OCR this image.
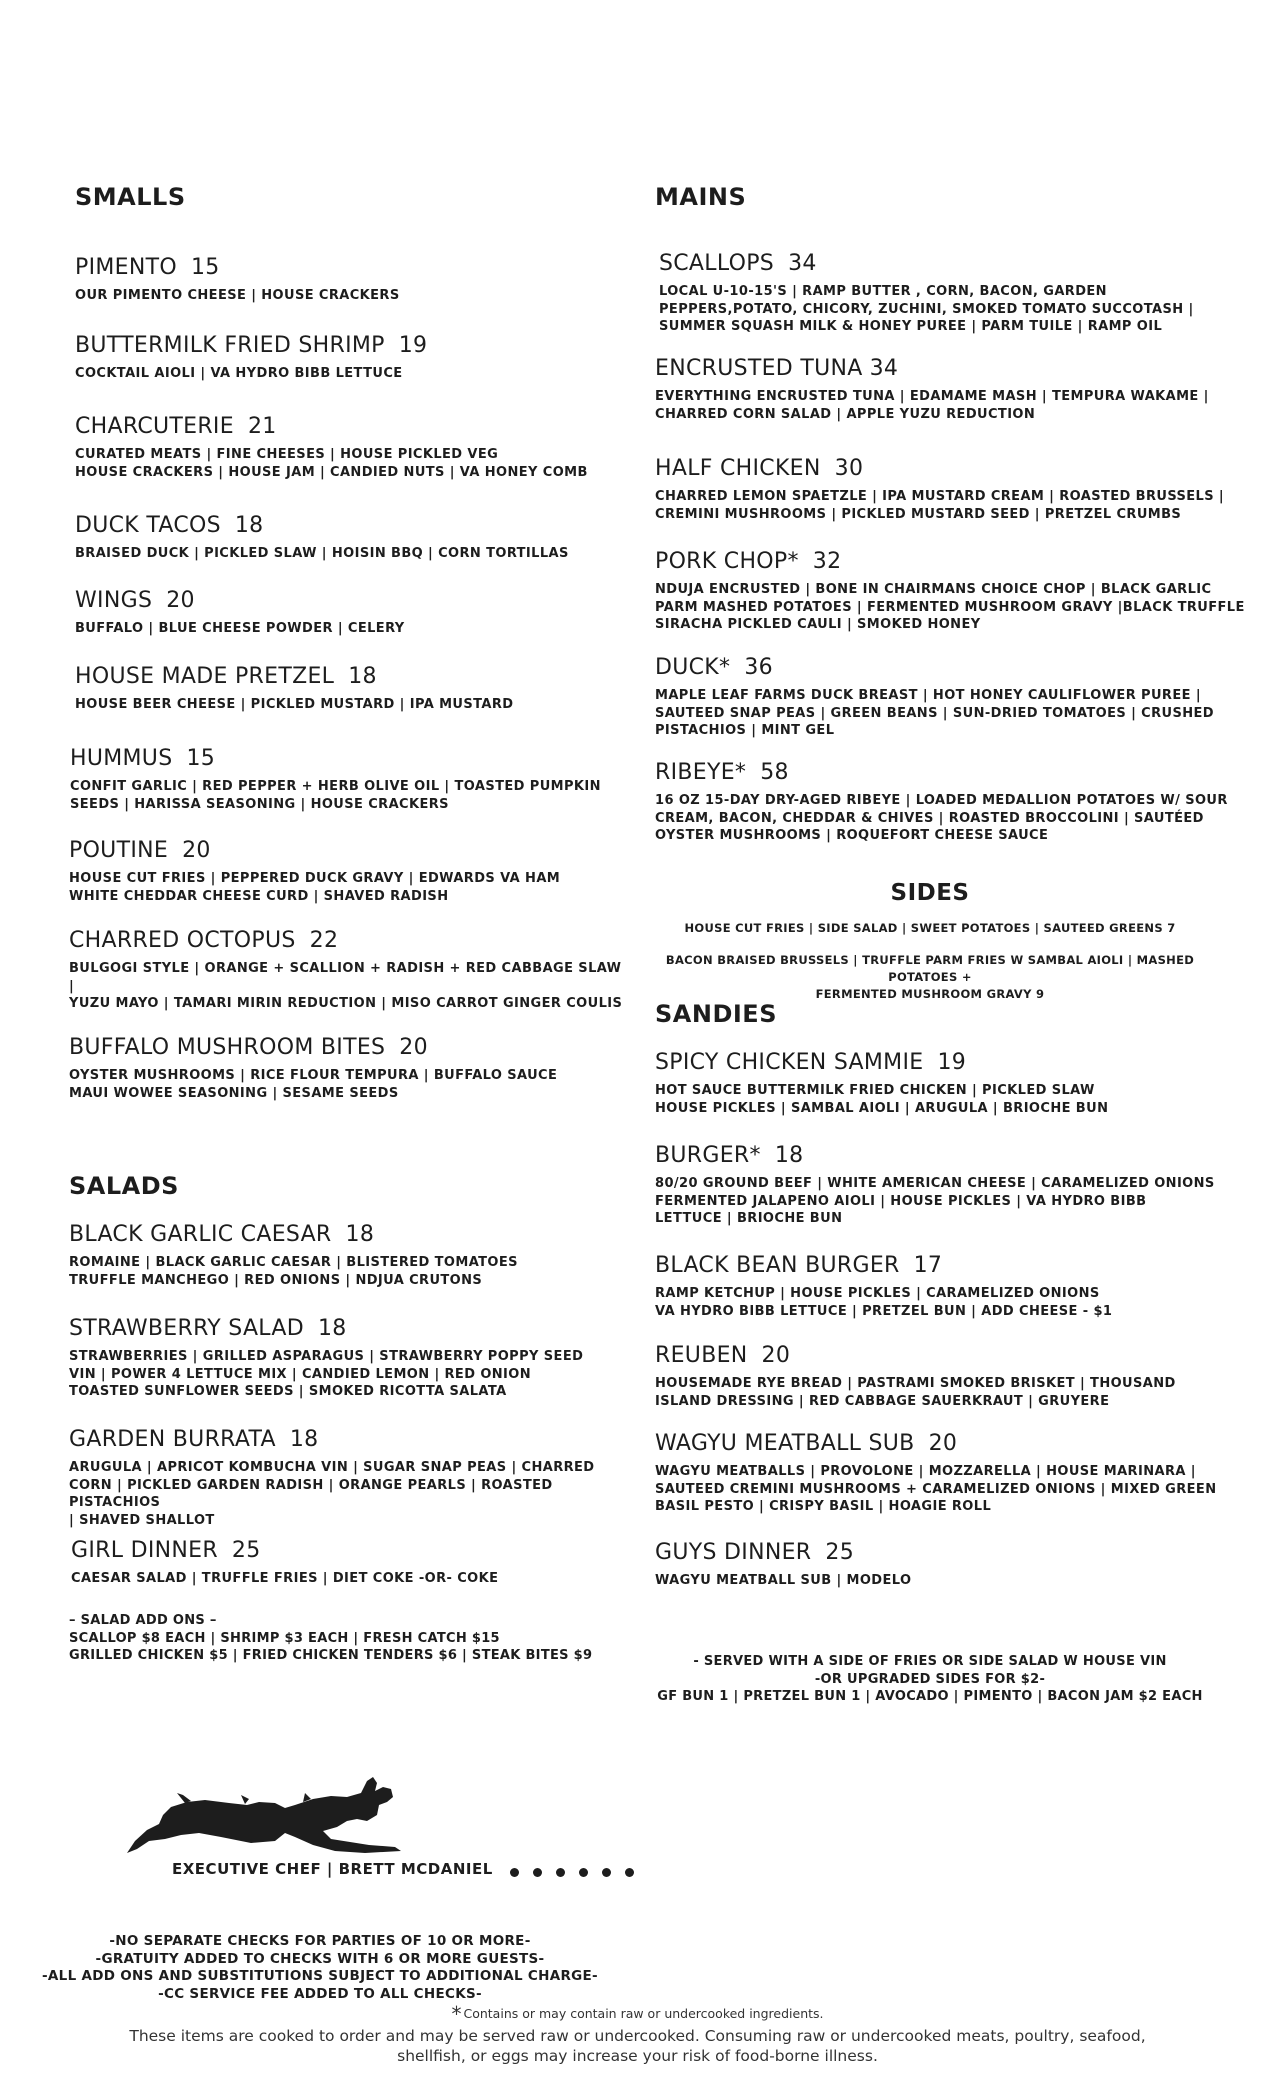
SMALLS
PIMENTO 15
OUR PIMENTO CHEESE | HOUSE CRACKERS
BUTTERMILK FRIED SHRIMP 19
COCKTAIL AIOLI | VA HYDRO BIBB LETTUCE
CHARCUTERIE 21
CURATED MEATS | FINE CHEESES | HOUSE PICKLED VEG
HOUSE CRACKERS | HOUSE JAM | CANDIED NUTS | VA HONEY COMB
DUCK TACOS 18
BRAISED DUCK | PICKLED SLAW | HOISIN BBQ | CORN TORTILLAS
WINGS 20
BUFFALO | BLUE CHEESE POWDER | CELERY
HOUSE MADE PRETZEL 18
HOUSE BEER CHEESE | PICKLED MUSTARD | IPA MUSTARD
HUMMUS 15
CONFIT GARLIC | RED PEPPER + HERB OLIVE OIL | TOASTED PUMPKIN
SEEDS | HARISSA SEASONING | HOUSE CRACKERS
POUTINE 20
HOUSE CUT FRIES | PEPPERED DUCK GRAVY | EDWARDS VA HAM
WHITE CHEDDAR CHEESE CURD | SHAVED RADISH
CHARRED OCTOPUS 22
BULGOGI STYLE | ORANGE + SCALLION + RADISH + RED CABBAGE SLAW |
YUZU MAYO | TAMARI MIRIN REDUCTION | MISO CARROT GINGER COULIS
BUFFALO MUSHROOM BITES 20
OYSTER MUSHROOMS | RICE FLOUR TEMPURA | BUFFALO SAUCE
MAUI WOWEE SEASONING | SESAME SEEDS
SALADS
BLACK GARLIC CAESAR 18
ROMAINE | BLACK GARLIC CAESAR | BLISTERED TOMATOES
TRUFFLE MANCHEGO | RED ONIONS | NDJUA CRUTONS
STRAWBERRY SALAD 18
STRAWBERRIES | GRILLED ASPARAGUS | STRAWBERRY POPPY SEED
VIN | POWER 4 LETTUCE MIX | CANDIED LEMON | RED ONION
TOASTED SUNFLOWER SEEDS | SMOKED RICOTTA SALATA
GARDEN BURRATA 18
ARUGULA | APRICOT KOMBUCHA VIN | SUGAR SNAP PEAS | CHARRED
CORN | PICKLED GARDEN RADISH | ORANGE PEARLS | ROASTED PISTACHIOS
| SHAVED SHALLOT
GIRL DINNER 25
CAESAR SALAD | TRUFFLE FRIES | DIET COKE -OR- COKE
– SALAD ADD ONS –
SCALLOP $8 EACH | SHRIMP $3 EACH | FRESH CATCH $15
GRILLED CHICKEN $5 | FRIED CHICKEN TENDERS $6 | STEAK BITES $9
MAINS
SCALLOPS 34
LOCAL U-10-15'S | RAMP BUTTER , CORN, BACON, GARDEN
PEPPERS,POTATO, CHICORY, ZUCHINI, SMOKED TOMATO SUCCOTASH |
SUMMER SQUASH MILK & HONEY PUREE | PARM TUILE | RAMP OIL
ENCRUSTED TUNA 34
EVERYTHING ENCRUSTED TUNA | EDAMAME MASH | TEMPURA WAKAME |
CHARRED CORN SALAD | APPLE YUZU REDUCTION
HALF CHICKEN 30
CHARRED LEMON SPAETZLE | IPA MUSTARD CREAM | ROASTED BRUSSELS |
CREMINI MUSHROOMS | PICKLED MUSTARD SEED | PRETZEL CRUMBS
PORK CHOP* 32
NDUJA ENCRUSTED | BONE IN CHAIRMANS CHOICE CHOP | BLACK GARLIC
PARM MASHED POTATOES | FERMENTED MUSHROOM GRAVY |BLACK TRUFFLE
SIRACHA PICKLED CAULI | SMOKED HONEY
DUCK* 36
MAPLE LEAF FARMS DUCK BREAST | HOT HONEY CAULIFLOWER PUREE |
SAUTEED SNAP PEAS | GREEN BEANS | SUN-DRIED TOMATOES | CRUSHED
PISTACHIOS | MINT GEL
RIBEYE* 58
16 OZ 15-DAY DRY-AGED RIBEYE | LOADED MEDALLION POTATOES W/ SOUR
CREAM, BACON, CHEDDAR & CHIVES | ROASTED BROCCOLINI | SAUTÉED
OYSTER MUSHROOMS | ROQUEFORT CHEESE SAUCE
SIDES
HOUSE CUT FRIES | SIDE SALAD | SWEET POTATOES | SAUTEED GREENS 7
BACON BRAISED BRUSSELS | TRUFFLE PARM FRIES W SAMBAL AIOLI | MASHED POTATOES +
FERMENTED MUSHROOM GRAVY 9
SANDIES
SPICY CHICKEN SAMMIE 19
HOT SAUCE BUTTERMILK FRIED CHICKEN | PICKLED SLAW
HOUSE PICKLES | SAMBAL AIOLI | ARUGULA | BRIOCHE BUN
BURGER* 18
80/20 GROUND BEEF | WHITE AMERICAN CHEESE | CARAMELIZED ONIONS
FERMENTED JALAPENO AIOLI | HOUSE PICKLES | VA HYDRO BIBB
LETTUCE | BRIOCHE BUN
BLACK BEAN BURGER 17
RAMP KETCHUP | HOUSE PICKLES | CARAMELIZED ONIONS
VA HYDRO BIBB LETTUCE | PRETZEL BUN | ADD CHEESE - $1
REUBEN 20
HOUSEMADE RYE BREAD | PASTRAMI SMOKED BRISKET | THOUSAND
ISLAND DRESSING | RED CABBAGE SAUERKRAUT | GRUYERE
WAGYU MEATBALL SUB 20
WAGYU MEATBALLS | PROVOLONE | MOZZARELLA | HOUSE MARINARA |
SAUTEED CREMINI MUSHROOMS + CARAMELIZED ONIONS | MIXED GREEN
BASIL PESTO | CRISPY BASIL | HOAGIE ROLL
GUYS DINNER 25
WAGYU MEATBALL SUB | MODELO
- SERVED WITH A SIDE OF FRIES OR SIDE SALAD W HOUSE VIN
-OR UPGRADED SIDES FOR $2-
GF BUN 1 | PRETZEL BUN 1 | AVOCADO | PIMENTO | BACON JAM $2 EACH
EXECUTIVE CHEF | BRETT MCDANIEL
-NO SEPARATE CHECKS FOR PARTIES OF 10 OR MORE-
-GRATUITY ADDED TO CHECKS WITH 6 OR MORE GUESTS-
-ALL ADD ONS AND SUBSTITUTIONS SUBJECT TO ADDITIONAL CHARGE-
-CC SERVICE FEE ADDED TO ALL CHECKS-
* Contains or may contain raw or undercooked ingredients.
These items are cooked to order and may be served raw or undercooked. Consuming raw or undercooked meats, poultry, seafood,
shellfish, or eggs may increase your risk of food-borne illness.
